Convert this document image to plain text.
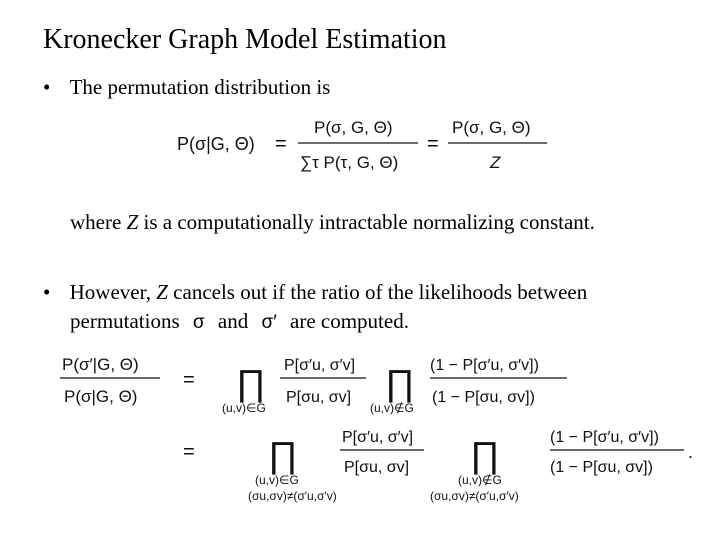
Kronecker Graph Model Estimation
• The permutation distribution is
P(σ|G, Θ) =
P(σ, G, Θ)
∑τ P(τ, G, Θ)
=
P(σ, G, Θ)
Z
where Z is a computationally intractable normalizing constant.
• However, Z cancels out if the ratio of the likelihoods between
permutations σ and σ′ are computed.
P(σ′|G, Θ)
P(σ|G, Θ)
= ∏
(u,v)∈G
P[σ′u, σ′v]
P[σu, σv] ∏
(u,v)∉G
(1 − P[σ′u, σ′v])
(1 − P[σu, σv])
= ∏
(u,v)∈G
(σu,σv)≠(σ′u,σ′v)
P[σ′u, σ′v]
P[σu, σv] ∏
(u,v)∉G
(σu,σv)≠(σ′u,σ′v)
(1 − P[σ′u, σ′v])
(1 − P[σu, σv])
.
